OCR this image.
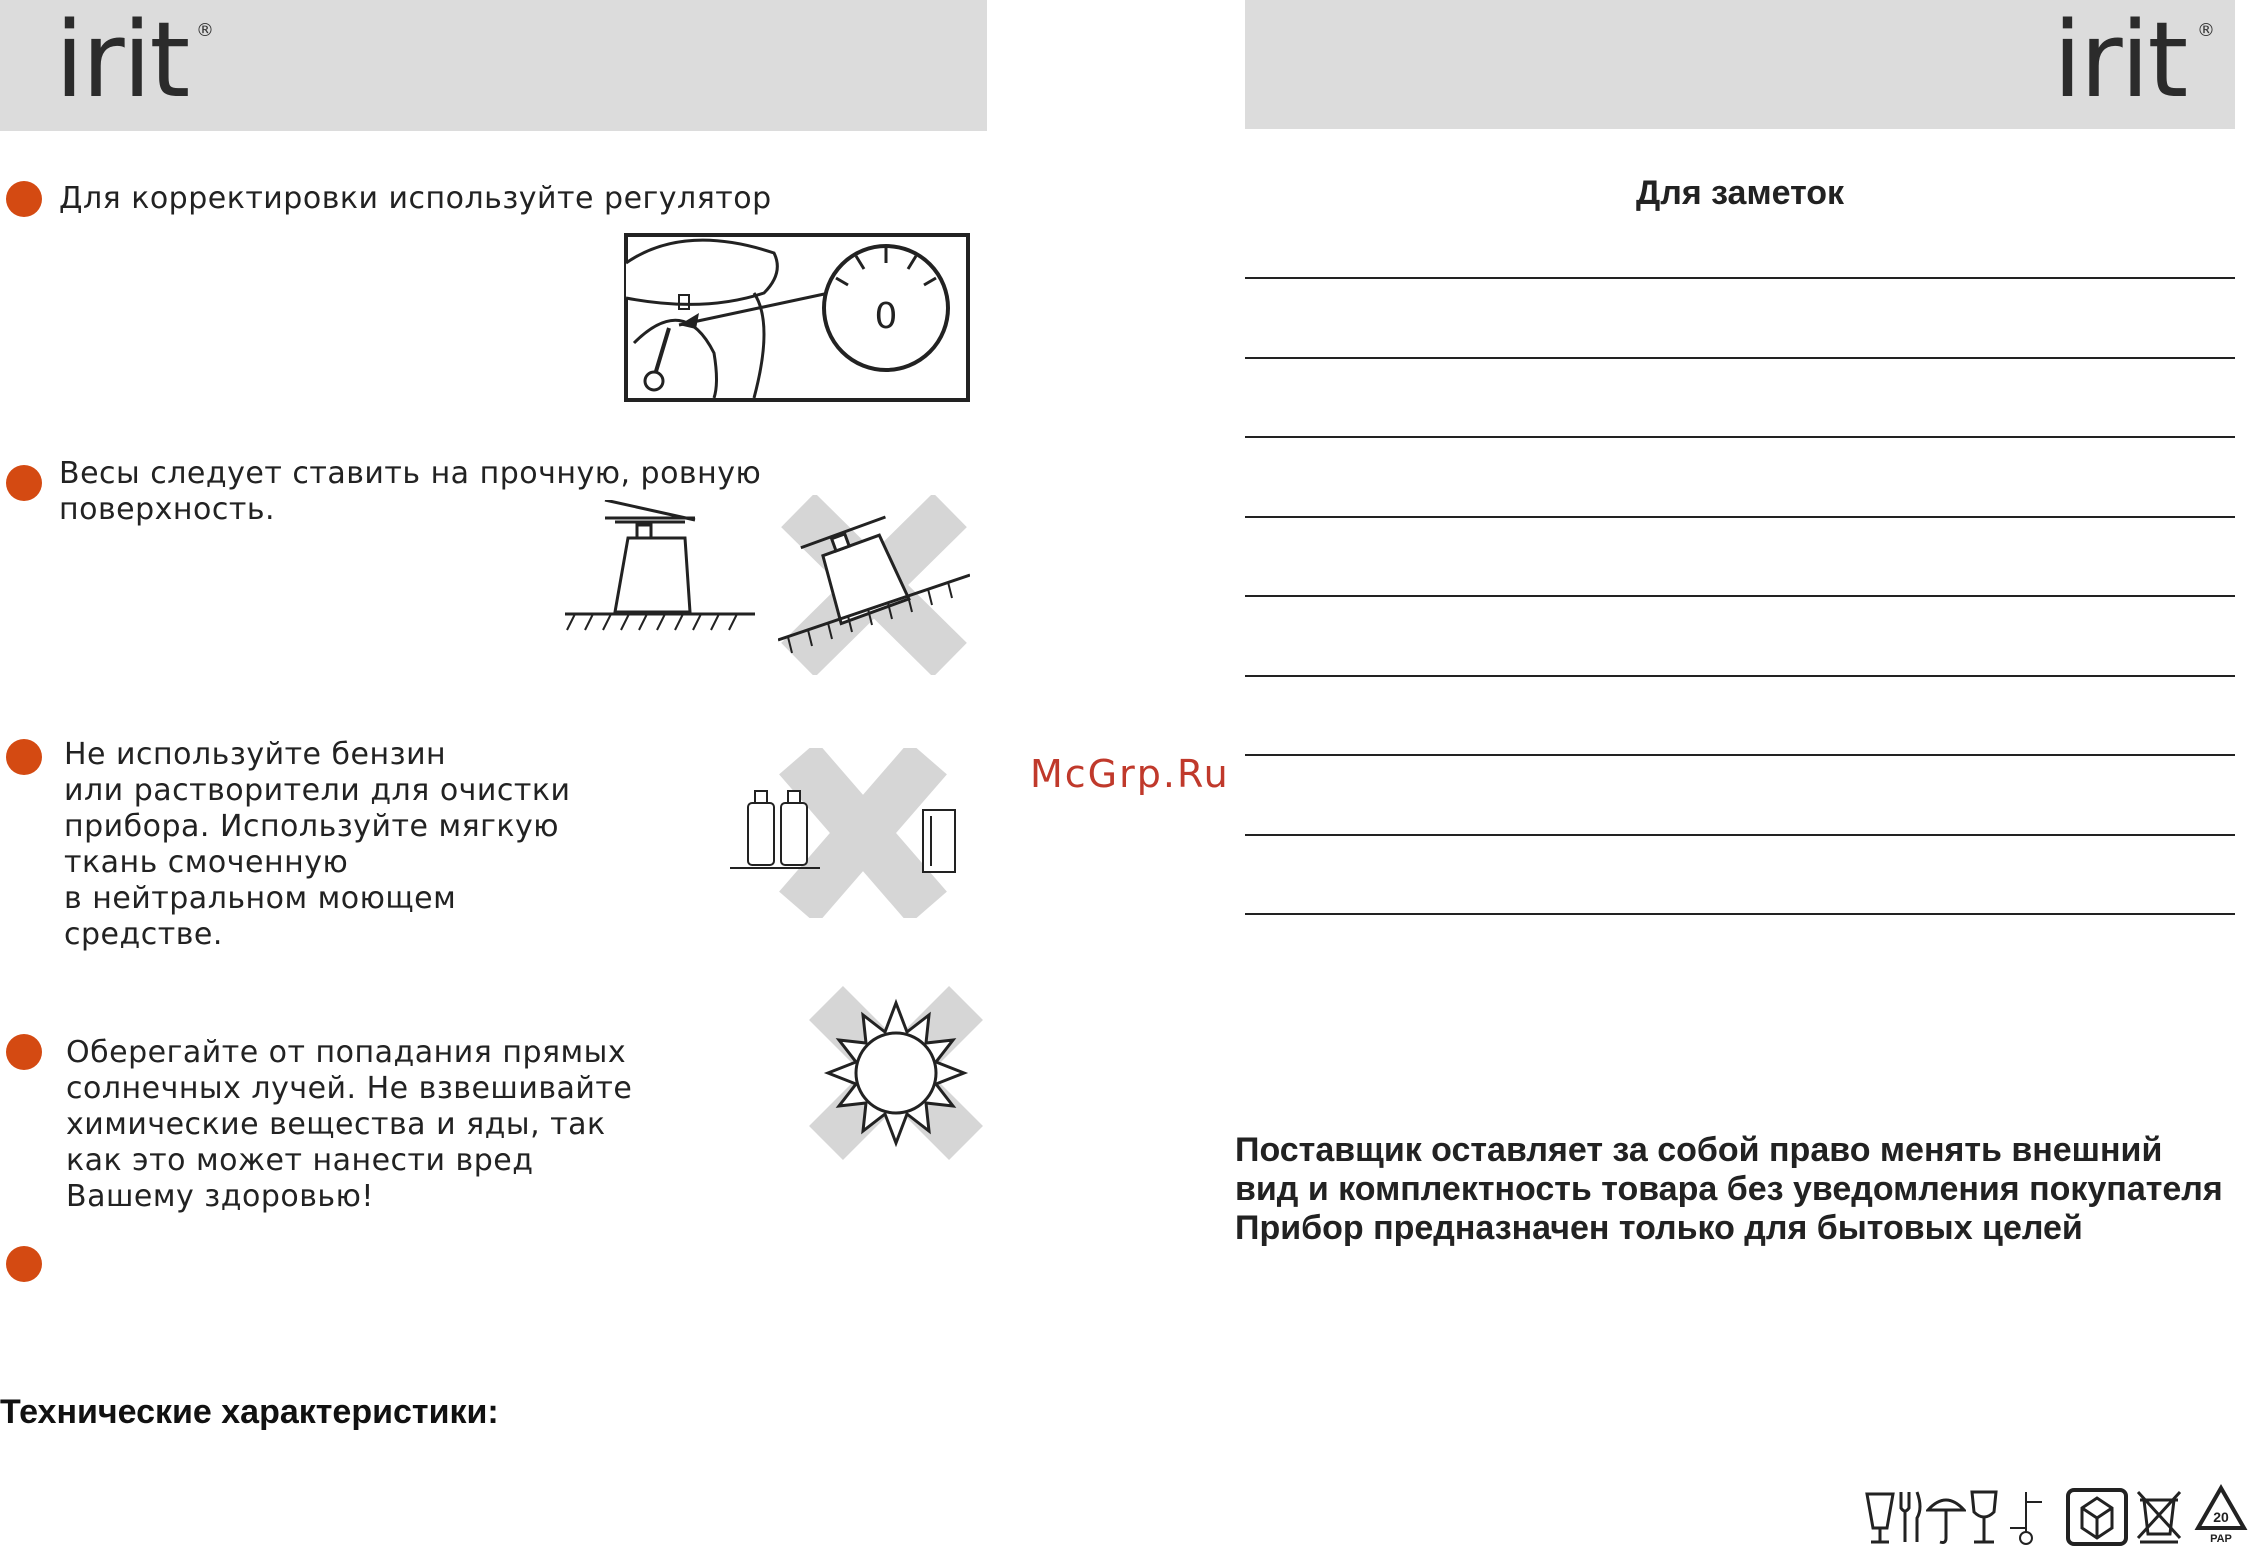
irit ®
Для корректировки используйте регулятор
Весы следует ставить на прочную, ровную
поверхность.
Не используйте бензин
или растворители для очистки
прибора. Используйте мягкую
ткань смоченную
в нейтральном моющем
средстве.
Оберегайте от попадания прямых
солнечных лучей. Не взвешивайте
химические вещества и яды, так
как это может нанести вред
Вашему здоровью!
Технические характеристики:
0
McGrp.Ru
irit ®
Для заметок
Поставщик оставляет за собой право менять внешний
вид и комплектность товара без уведомления покупателя
Прибор предназначен только для бытовых целей
20
PAP
